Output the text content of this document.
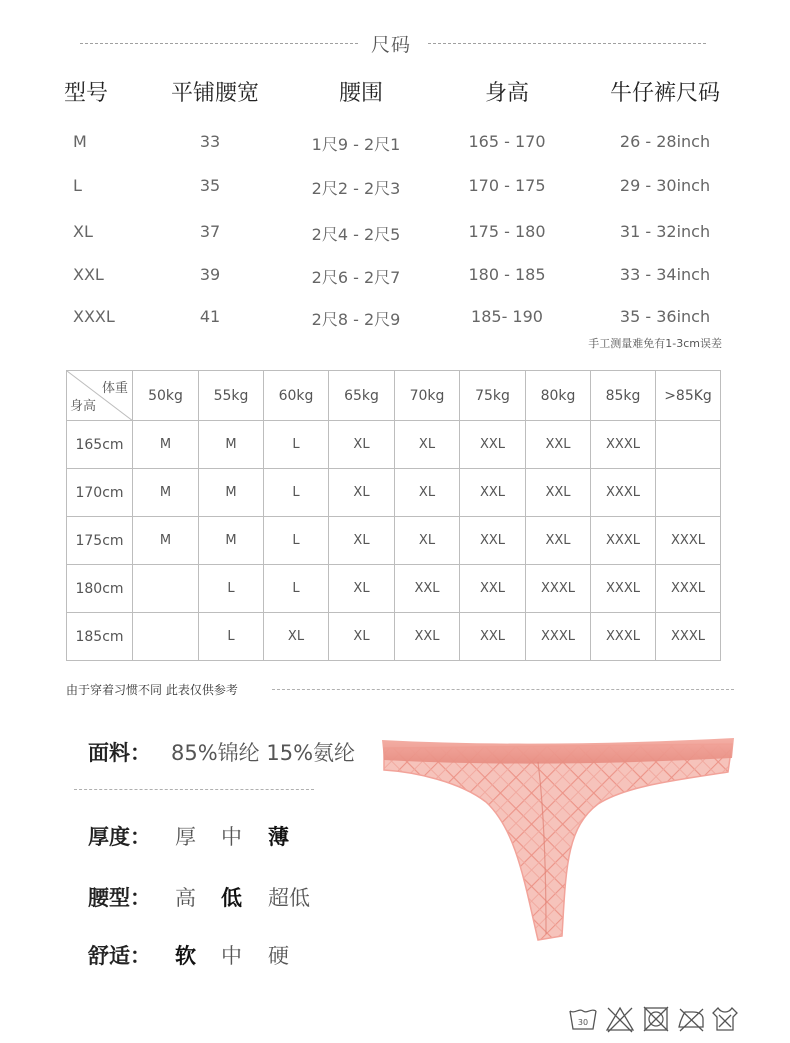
尺码
型号	平铺腰宽	腰围	身高	牛仔裤尺码
M	33	1尺9 - 2尺1	165 - 170	26 - 28inch
L	35	2尺2 - 2尺3	170 - 175	29 - 30inch
XL	37	2尺4 - 2尺5	175 - 180	31 - 32inch
XXL	39	2尺6 - 2尺7	180 - 185	33 - 34inch
XXXL	41	2尺8 - 2尺9	185- 190	35 - 36inch
手工测量难免有1-3cm误差
体重
身高	50kg	55kg	60kg	65kg	70kg	75kg	80kg	85kg	>85Kg
165cm	M	M	L	XL	XL	XXL	XXL	XXXL	
170cm	M	M	L	XL	XL	XXL	XXL	XXXL	
175cm	M	M	L	XL	XL	XXL	XXL	XXXL	XXXL
180cm		L	L	XL	XXL	XXL	XXXL	XXXL	XXXL
185cm		L	XL	XL	XXL	XXL	XXXL	XXXL	XXXL
由于穿着习惯不同 此表仅供参考
面料： 85%锦纶 15%氨纶
厚度： 厚 中 薄
腰型： 高 低 超低
舒适： 软 中 硬
30
